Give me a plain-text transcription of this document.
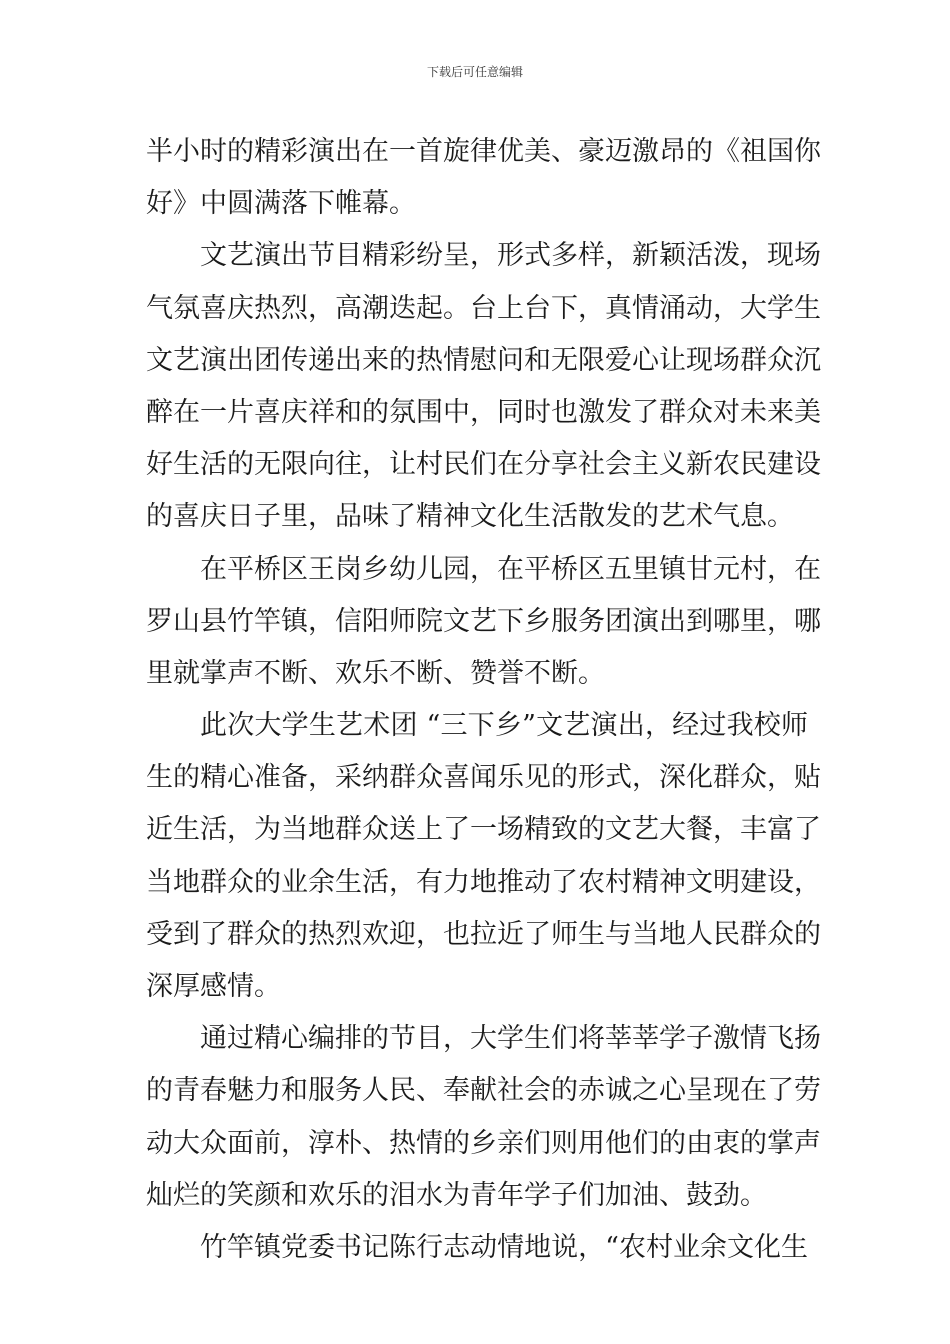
下载后可任意编辑
半小时的精彩演出在一首旋律优美、豪迈激昂的《祖国你
好》中圆满落下帷幕。
文艺演出节目精彩纷呈，形式多样，新颖活泼，现场
气氛喜庆热烈，高潮迭起。台上台下，真情涌动，大学生
文艺演出团传递出来的热情慰问和无限爱心让现场群众沉
醉在一片喜庆祥和的氛围中，同时也激发了群众对未来美
好生活的无限向往，让村民们在分享社会主义新农民建设
的喜庆日子里，品味了精神文化生活散发的艺术气息。
在平桥区王岗乡幼儿园，在平桥区五里镇甘元村，在
罗山县竹竿镇，信阳师院文艺下乡服务团演出到哪里，哪
里就掌声不断、欢乐不断、赞誉不断。
此次大学生艺术团 “三下乡”文艺演出，经过我校师
生的精心准备，采纳群众喜闻乐见的形式，深化群众，贴
近生活，为当地群众送上了一场精致的文艺大餐，丰富了
当地群众的业余生活，有力地推动了农村精神文明建设，
受到了群众的热烈欢迎，也拉近了师生与当地人民群众的
深厚感情。
通过精心编排的节目，大学生们将莘莘学子激情飞扬
的青春魅力和服务人民、奉献社会的赤诚之心呈现在了劳
动大众面前，淳朴、热情的乡亲们则用他们的由衷的掌声
灿烂的笑颜和欢乐的泪水为青年学子们加油、鼓劲。
竹竿镇党委书记陈行志动情地说，“农村业余文化生
